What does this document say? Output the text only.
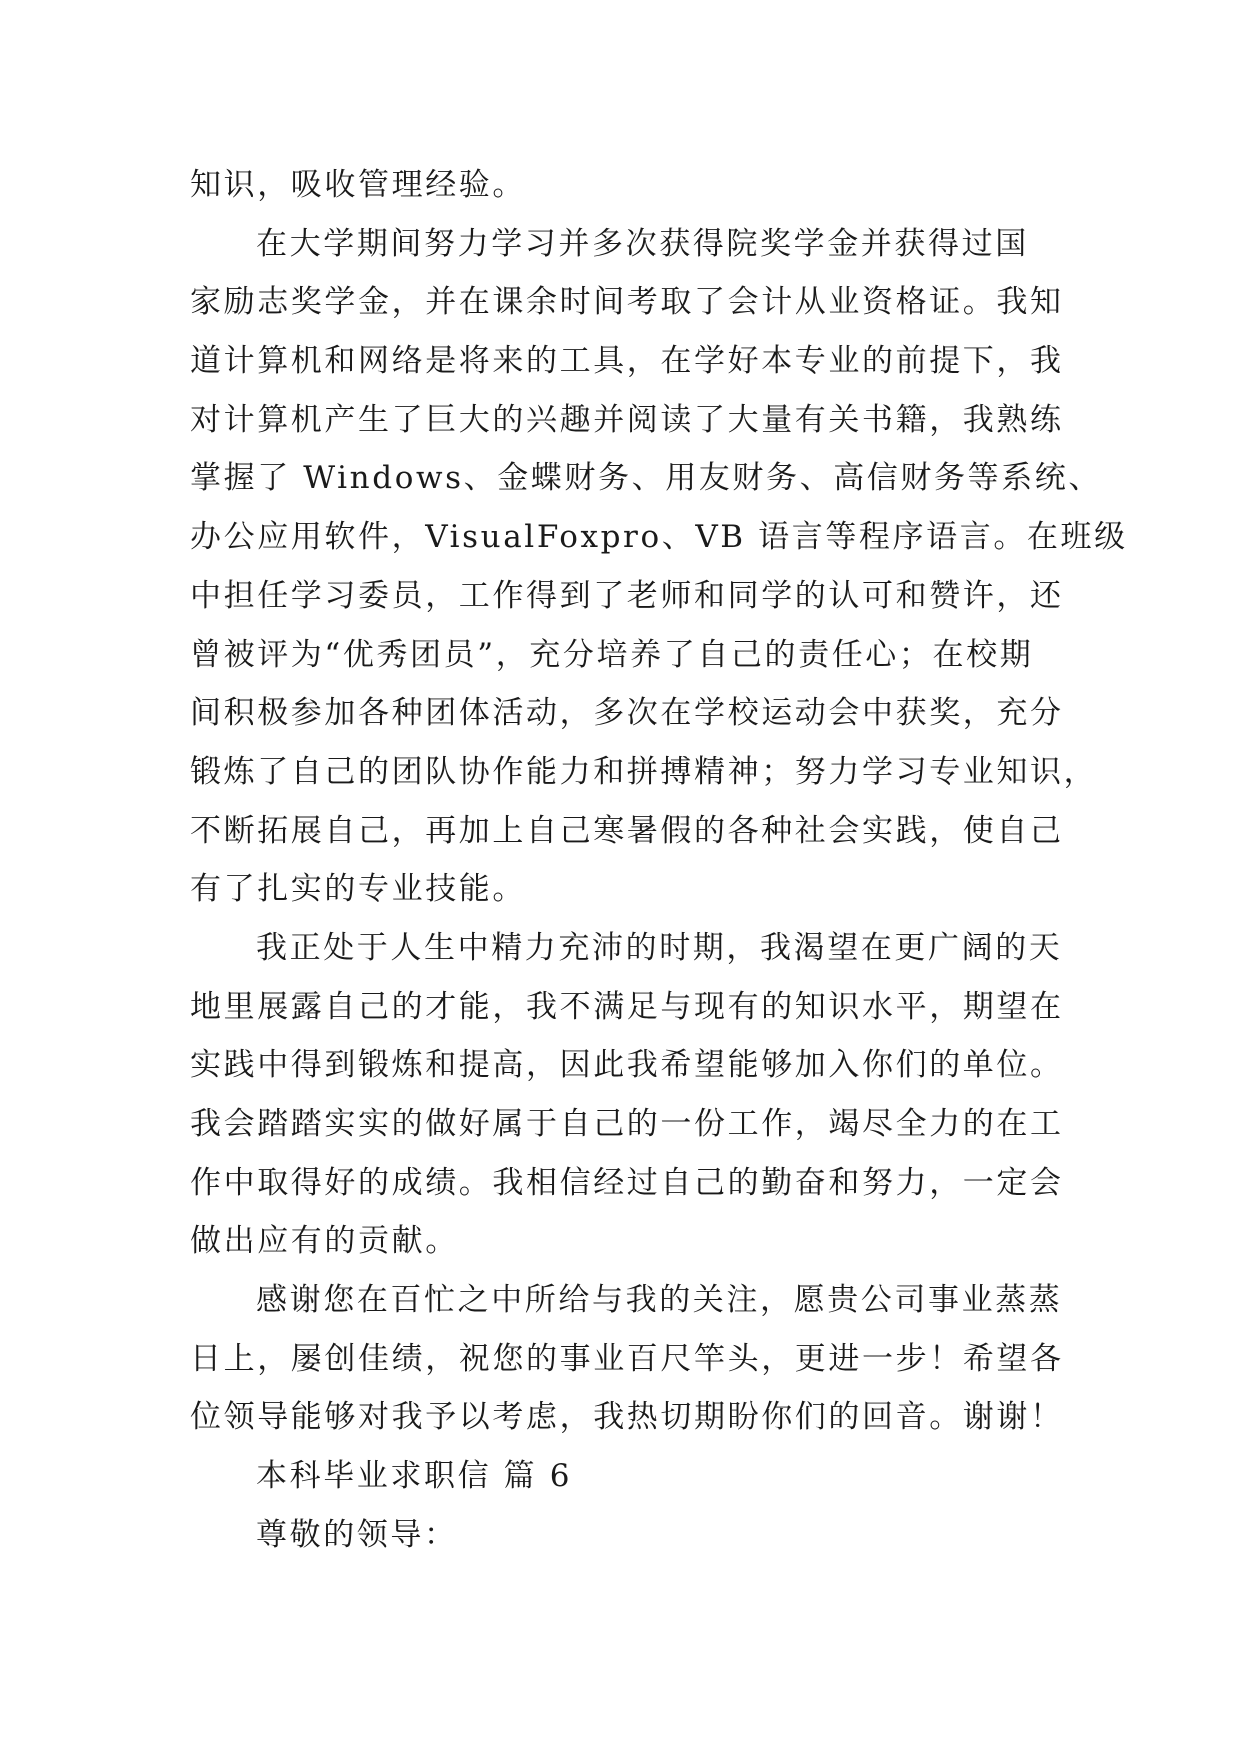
知识，吸收管理经验。
在大学期间努力学习并多次获得院奖学金并获得过国
家励志奖学金，并在课余时间考取了会计从业资格证。我知
道计算机和网络是将来的工具，在学好本专业的前提下，我
对计算机产生了巨大的兴趣并阅读了大量有关书籍，我熟练
掌握了 Windows、金蝶财务、用友财务、高信财务等系统、
办公应用软件，VisualFoxpro、VB 语言等程序语言。在班级
中担任学习委员，工作得到了老师和同学的认可和赞许，还
曾被评为“优秀团员”，充分培养了自己的责任心；在校期
间积极参加各种团体活动，多次在学校运动会中获奖，充分
锻炼了自己的团队协作能力和拼搏精神；努力学习专业知识，
不断拓展自己，再加上自己寒暑假的各种社会实践，使自己
有了扎实的专业技能。
我正处于人生中精力充沛的时期，我渴望在更广阔的天
地里展露自己的才能，我不满足与现有的知识水平，期望在
实践中得到锻炼和提高，因此我希望能够加入你们的单位。
我会踏踏实实的做好属于自己的一份工作，竭尽全力的在工
作中取得好的成绩。我相信经过自己的勤奋和努力，一定会
做出应有的贡献。
感谢您在百忙之中所给与我的关注，愿贵公司事业蒸蒸
日上，屡创佳绩，祝您的事业百尺竿头，更进一步！希望各
位领导能够对我予以考虑，我热切期盼你们的回音。谢谢！
本科毕业求职信 篇 6
尊敬的领导：
